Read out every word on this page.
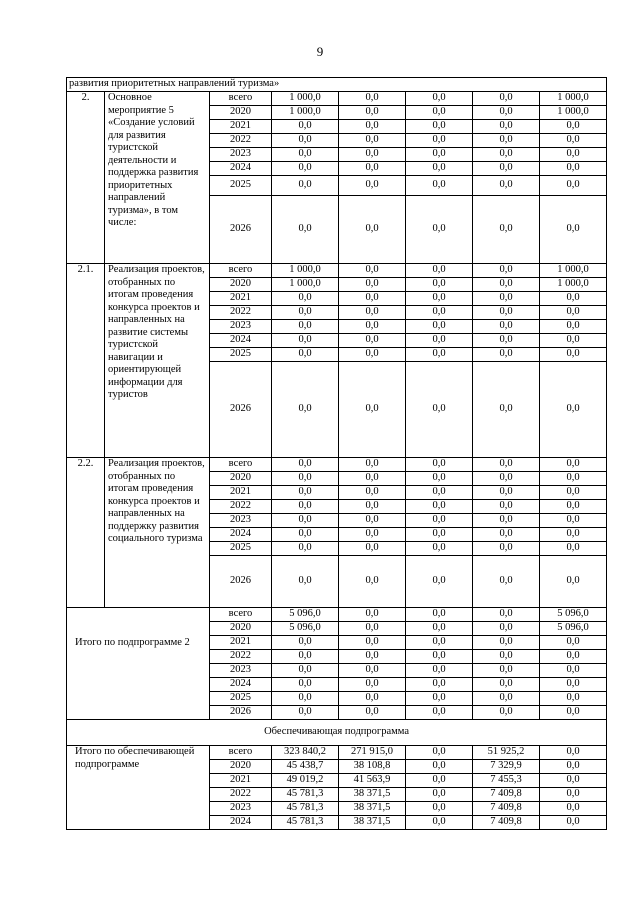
9
развития приоритетных направлений туризма»							
2.	Основное мероприятие 5 «Создание условий для развития туристской деятельности и поддержка развития приоритетных направлений туризма», в том числе:	всего	1 000,0	0,0	0,0	0,0	1 000,0
		2020	1 000,0	0,0	0,0	0,0	1 000,0
		2021	0,0	0,0	0,0	0,0	0,0
		2022	0,0	0,0	0,0	0,0	0,0
		2023	0,0	0,0	0,0	0,0	0,0
		2024	0,0	0,0	0,0	0,0	0,0
		2025	0,0	0,0	0,0	0,0	0,0
		2026	0,0	0,0	0,0	0,0	0,0
2.1.	Реализация проектов, отобранных по итогам проведения конкурса проектов и направленных на развитие системы туристской навигации и ориентирующей информации для туристов	всего	1 000,0	0,0	0,0	0,0	1 000,0
		2020	1 000,0	0,0	0,0	0,0	1 000,0
		2021	0,0	0,0	0,0	0,0	0,0
		2022	0,0	0,0	0,0	0,0	0,0
		2023	0,0	0,0	0,0	0,0	0,0
		2024	0,0	0,0	0,0	0,0	0,0
		2025	0,0	0,0	0,0	0,0	0,0
		2026	0,0	0,0	0,0	0,0	0,0
2.2.	Реализация проектов, отобранных по итогам проведения конкурса проектов и направленных на поддержку развития социального туризма	всего	0,0	0,0	0,0	0,0	0,0
		2020	0,0	0,0	0,0	0,0	0,0
		2021	0,0	0,0	0,0	0,0	0,0
		2022	0,0	0,0	0,0	0,0	0,0
		2023	0,0	0,0	0,0	0,0	0,0
		2024	0,0	0,0	0,0	0,0	0,0
		2025	0,0	0,0	0,0	0,0	0,0
		2026	0,0	0,0	0,0	0,0	0,0
Итого по подпрограмме 2		всего	5 096,0	0,0	0,0	0,0	5 096,0
		2020	5 096,0	0,0	0,0	0,0	5 096,0
		2021	0,0	0,0	0,0	0,0	0,0
		2022	0,0	0,0	0,0	0,0	0,0
		2023	0,0	0,0	0,0	0,0	0,0
		2024	0,0	0,0	0,0	0,0	0,0
		2025	0,0	0,0	0,0	0,0	0,0
		2026	0,0	0,0	0,0	0,0	0,0
Обеспечивающая подпрограмма							
Итого по обеспечивающей подпрограмме		всего	323 840,2	271 915,0	0,0	51 925,2	0,0
		2020	45 438,7	38 108,8	0,0	7 329,9	0,0
		2021	49 019,2	41 563,9	0,0	7 455,3	0,0
		2022	45 781,3	38 371,5	0,0	7 409,8	0,0
		2023	45 781,3	38 371,5	0,0	7 409,8	0,0
		2024	45 781,3	38 371,5	0,0	7 409,8	0,0
